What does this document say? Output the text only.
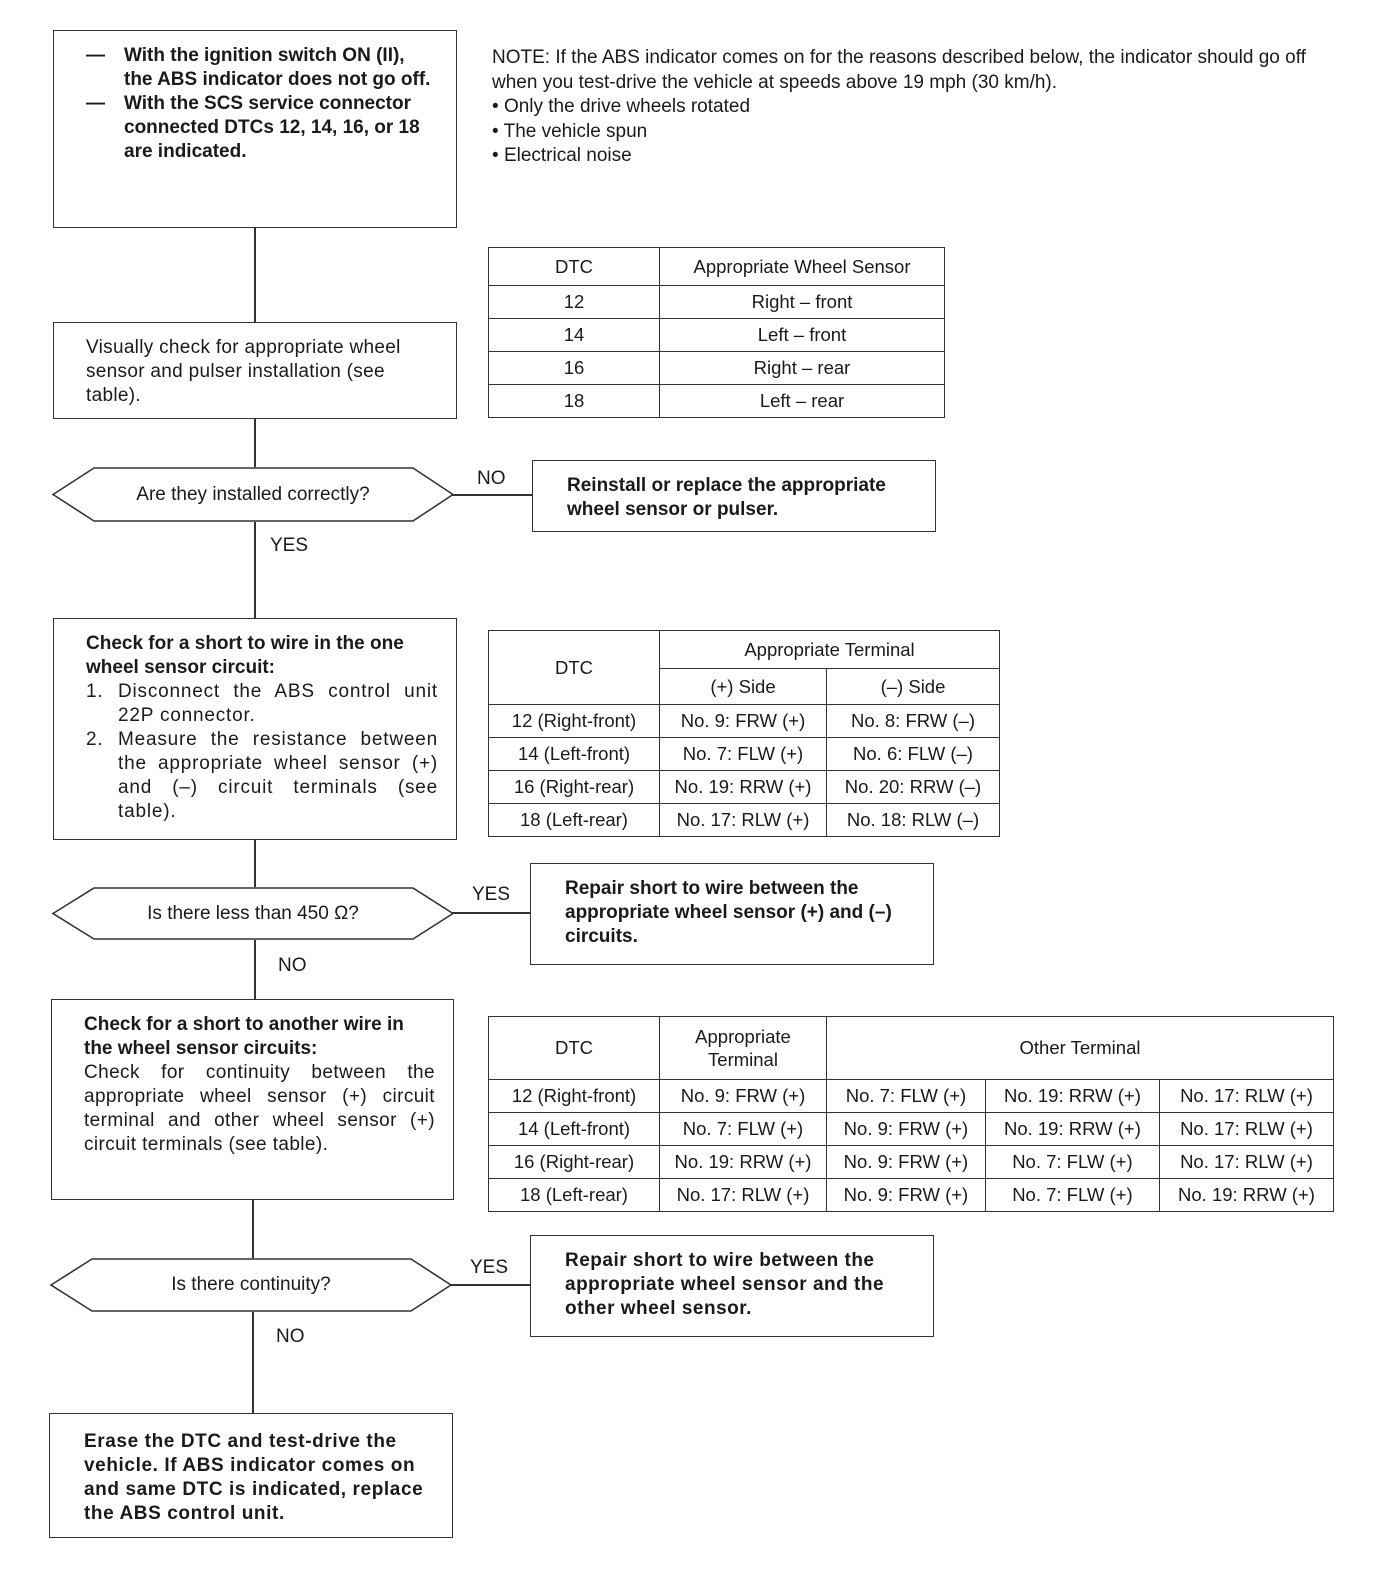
— With the ignition switch ON (II), the ABS indicator does not go off.
— With the SCS service connector connected DTCs 12, 14, 16, or 18 are indicated.
NOTE: If the ABS indicator comes on for the reasons described below, the indicator should go off when you test-drive the vehicle at speeds above 19 mph (30 km/h).
• Only the drive wheels rotated
• The vehicle spun
• Electrical noise
DTC	Appropriate Wheel Sensor
12	Right – front
14	Left – front
16	Right – rear
18	Left – rear
Visually check for appropriate wheel sensor and pulser installation (see table).
Are they installed correctly?
NO
YES
Reinstall or replace the appropriate wheel sensor or pulser.
Check for a short to wire in the one wheel sensor circuit:
1. Disconnect the ABS control unit 22P connector.
2. Measure the resistance between the appropriate wheel sensor (+) and (–) circuit terminals (see table).
DTC	Appropriate Terminal	
	(+) Side	(–) Side
12 (Right-front)	No. 9: FRW (+)	No. 8: FRW (–)
14 (Left-front)	No. 7: FLW (+)	No. 6: FLW (–)
16 (Right-rear)	No. 19: RRW (+)	No. 20: RRW (–)
18 (Left-rear)	No. 17: RLW (+)	No. 18: RLW (–)
Is there less than 450 Ω?
YES
NO
Repair short to wire between the appropriate wheel sensor (+) and (–) circuits.
Check for a short to another wire in the wheel sensor circuits:
Check for continuity between the appropriate wheel sensor (+) circuit terminal and other wheel sensor (+) circuit terminals (see table).
DTC	Appropriate Terminal	Other Terminal		
12 (Right-front)	No. 9: FRW (+)	No. 7: FLW (+)	No. 19: RRW (+)	No. 17: RLW (+)
14 (Left-front)	No. 7: FLW (+)	No. 9: FRW (+)	No. 19: RRW (+)	No. 17: RLW (+)
16 (Right-rear)	No. 19: RRW (+)	No. 9: FRW (+)	No. 7: FLW (+)	No. 17: RLW (+)
18 (Left-rear)	No. 17: RLW (+)	No. 9: FRW (+)	No. 7: FLW (+)	No. 19: RRW (+)
Is there continuity?
YES
NO
Repair short to wire between the appropriate wheel sensor and the other wheel sensor.
Erase the DTC and test-drive the vehicle. If ABS indicator comes on and same DTC is indicated, replace the ABS control unit.
